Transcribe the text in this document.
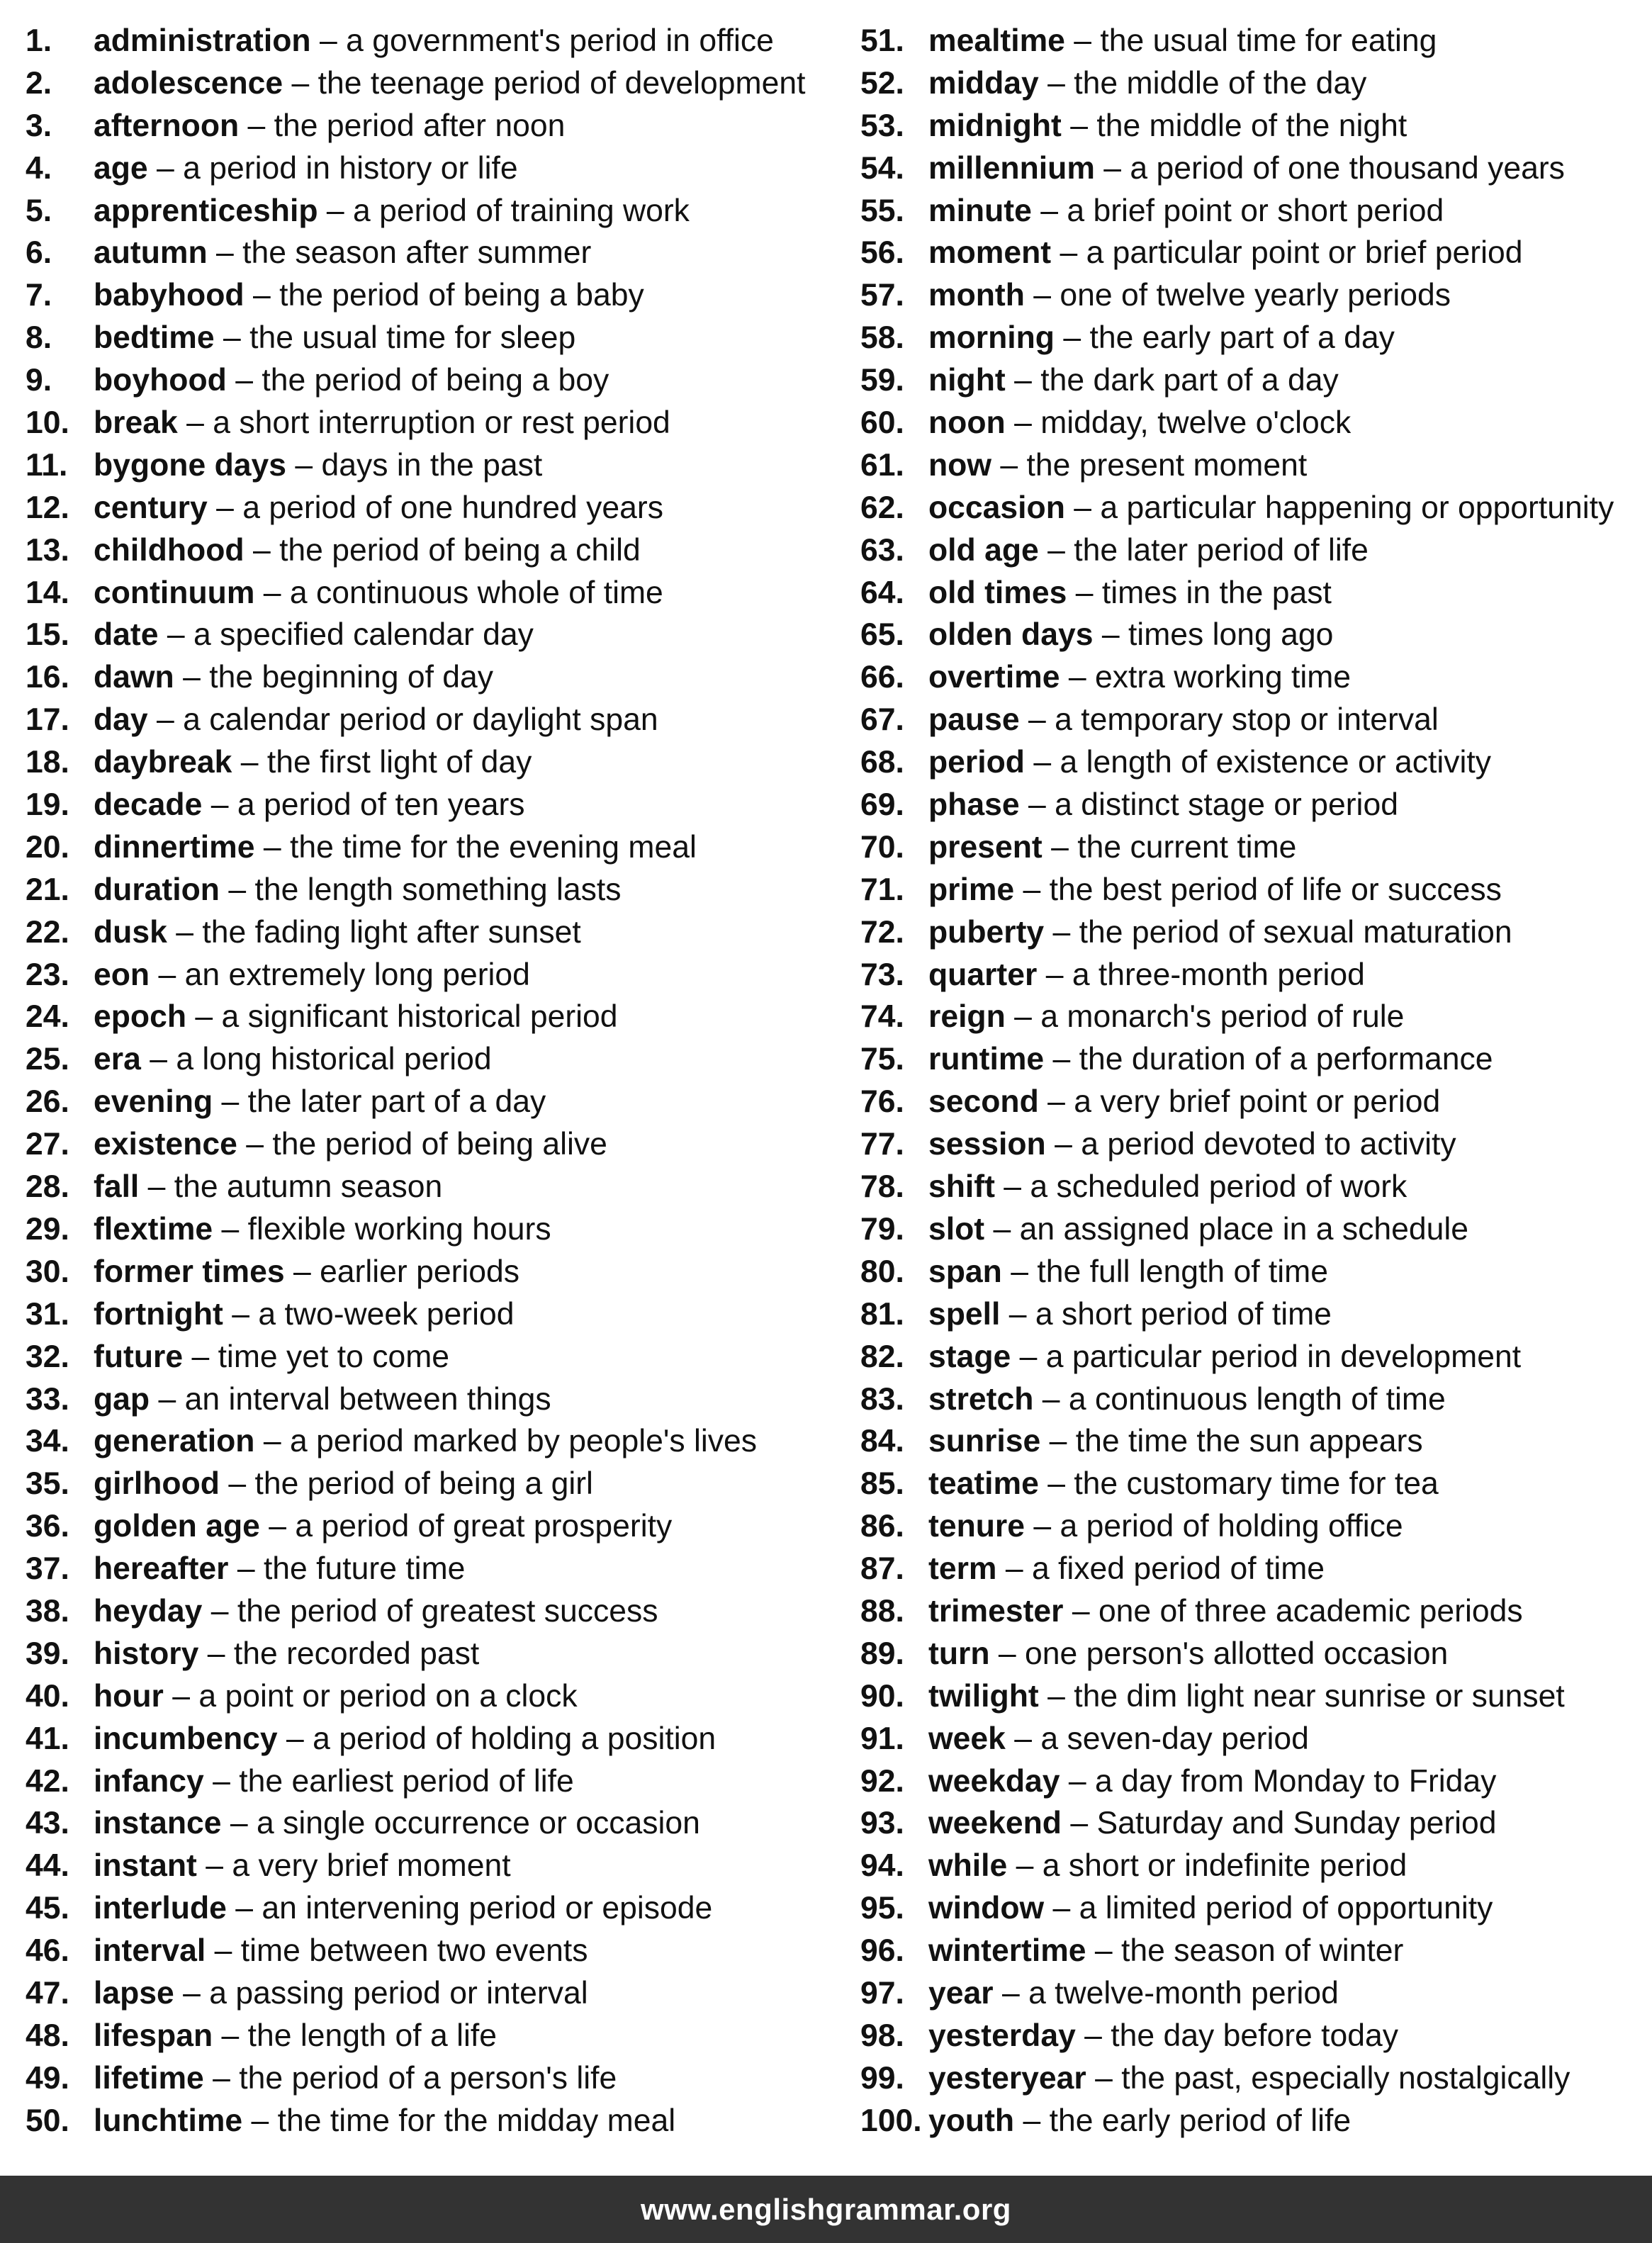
1. administration – a government's period in office
2. adolescence – the teenage period of development
3. afternoon – the period after noon
4. age – a period in history or life
5. apprenticeship – a period of training work
6. autumn – the season after summer
7. babyhood – the period of being a baby
8. bedtime – the usual time for sleep
9. boyhood – the period of being a boy
10. break – a short interruption or rest period
11. bygone days – days in the past
12. century – a period of one hundred years
13. childhood – the period of being a child
14. continuum – a continuous whole of time
15. date – a specified calendar day
16. dawn – the beginning of day
17. day – a calendar period or daylight span
18. daybreak – the first light of day
19. decade – a period of ten years
20. dinnertime – the time for the evening meal
21. duration – the length something lasts
22. dusk – the fading light after sunset
23. eon – an extremely long period
24. epoch – a significant historical period
25. era – a long historical period
26. evening – the later part of a day
27. existence – the period of being alive
28. fall – the autumn season
29. flextime – flexible working hours
30. former times – earlier periods
31. fortnight – a two-week period
32. future – time yet to come
33. gap – an interval between things
34. generation – a period marked by people's lives
35. girlhood – the period of being a girl
36. golden age – a period of great prosperity
37. hereafter – the future time
38. heyday – the period of greatest success
39. history – the recorded past
40. hour – a point or period on a clock
41. incumbency – a period of holding a position
42. infancy – the earliest period of life
43. instance – a single occurrence or occasion
44. instant – a very brief moment
45. interlude – an intervening period or episode
46. interval – time between two events
47. lapse – a passing period or interval
48. lifespan – the length of a life
49. lifetime – the period of a person's life
50. lunchtime – the time for the midday meal
51. mealtime – the usual time for eating
52. midday – the middle of the day
53. midnight – the middle of the night
54. millennium – a period of one thousand years
55. minute – a brief point or short period
56. moment – a particular point or brief period
57. month – one of twelve yearly periods
58. morning – the early part of a day
59. night – the dark part of a day
60. noon – midday, twelve o'clock
61. now – the present moment
62. occasion – a particular happening or opportunity
63. old age – the later period of life
64. old times – times in the past
65. olden days – times long ago
66. overtime – extra working time
67. pause – a temporary stop or interval
68. period – a length of existence or activity
69. phase – a distinct stage or period
70. present – the current time
71. prime – the best period of life or success
72. puberty – the period of sexual maturation
73. quarter – a three-month period
74. reign – a monarch's period of rule
75. runtime – the duration of a performance
76. second – a very brief point or period
77. session – a period devoted to activity
78. shift – a scheduled period of work
79. slot – an assigned place in a schedule
80. span – the full length of time
81. spell – a short period of time
82. stage – a particular period in development
83. stretch – a continuous length of time
84. sunrise – the time the sun appears
85. teatime – the customary time for tea
86. tenure – a period of holding office
87. term – a fixed period of time
88. trimester – one of three academic periods
89. turn – one person's allotted occasion
90. twilight – the dim light near sunrise or sunset
91. week – a seven-day period
92. weekday – a day from Monday to Friday
93. weekend – Saturday and Sunday period
94. while – a short or indefinite period
95. window – a limited period of opportunity
96. wintertime – the season of winter
97. year – a twelve-month period
98. yesterday – the day before today
99. yesteryear – the past, especially nostalgically
100. youth – the early period of life
www.englishgrammar.org
